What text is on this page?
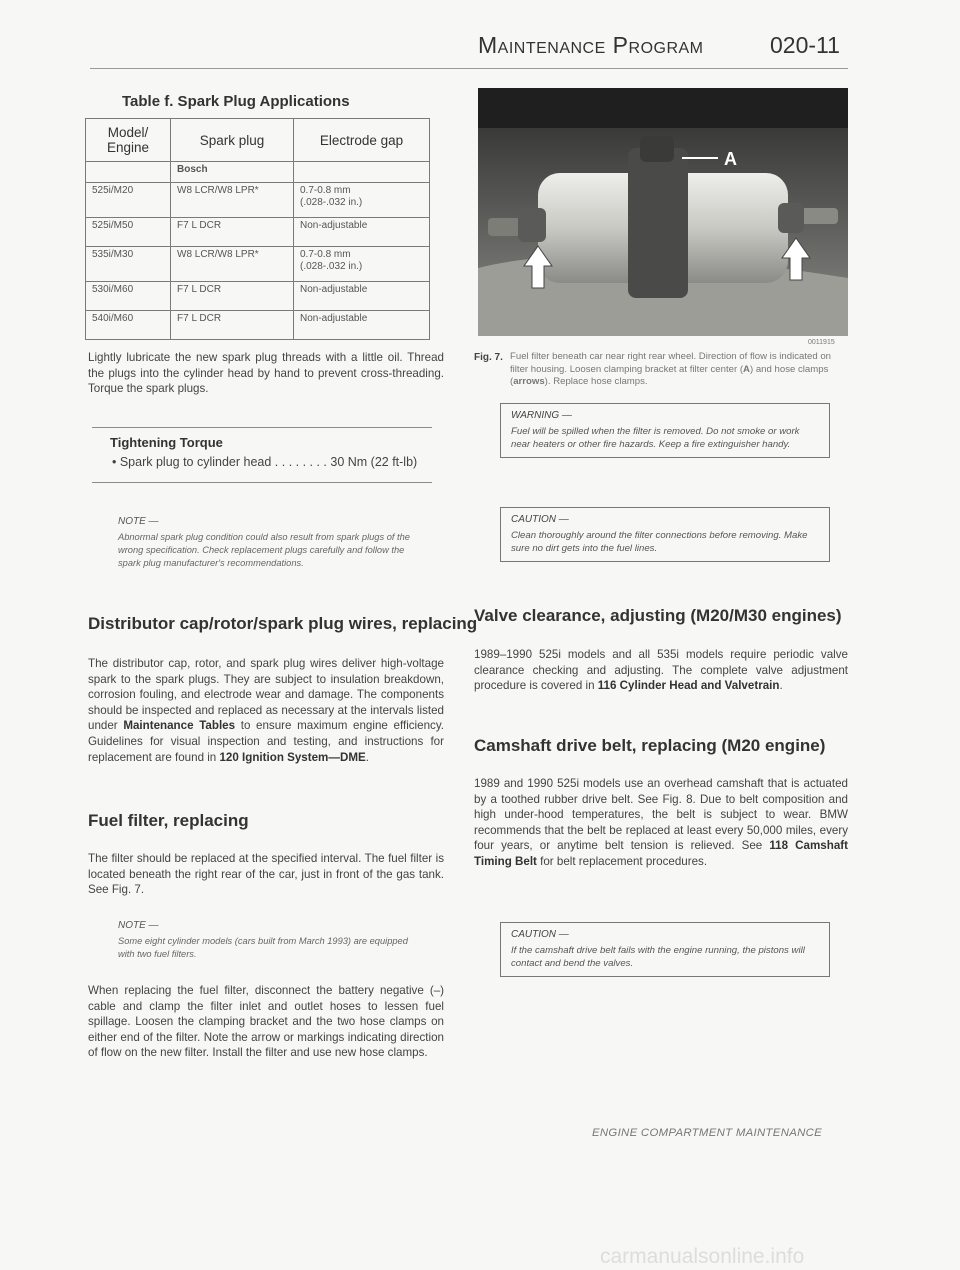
Maintenance Program	020-11
Table f. Spark Plug Applications
Model/ Engine	Spark plug	Electrode gap
	Bosch	
525i/M20	W8 LCR/W8 LPR*	0.7-0.8 mm
(.028-.032 in.)

525i/M50	F7 L DCR	Non-adjustable

535i/M30	W8 LCR/W8 LPR*	0.7-0.8 mm
(.028-.032 in.)

530i/M60	F7 L DCR	Non-adjustable

540i/M60	F7 L DCR	Non-adjustable
Lightly lubricate the new spark plug threads with a little oil. Thread the plugs into the cylinder head by hand to prevent cross-threading. Torque the spark plugs.
Tightening Torque
• Spark plug to cylinder head . . . . . . . . 30 Nm (22 ft-lb)
NOTE —
Abnormal spark plug condition could also result from spark plugs of the wrong specification. Check replacement plugs carefully and follow the spark plug manufacturer's recommendations.
Distributor cap/rotor/spark plug wires, replacing
The distributor cap, rotor, and spark plug wires deliver high-voltage spark to the spark plugs. They are subject to insulation breakdown, corrosion fouling, and electrode wear and damage. The components should be inspected and replaced as necessary at the intervals listed under Maintenance Tables to ensure maximum engine efficiency. Guidelines for visual inspection and testing, and instructions for replacement are found in 120 Ignition System—DME.
Fuel filter, replacing
The filter should be replaced at the specified interval. The fuel filter is located beneath the right rear of the car, just in front of the gas tank. See Fig. 7.
NOTE —
Some eight cylinder models (cars built from March 1993) are equipped with two fuel filters.
When replacing the fuel filter, disconnect the battery negative (–) cable and clamp the filter inlet and outlet hoses to lessen fuel spillage. Loosen the clamping bracket and the two hose clamps on either end of the filter. Note the arrow or markings indicating direction of flow on the new filter. Install the filter and use new hose clamps.
A
0011915
Fig. 7. Fuel filter beneath car near right rear wheel. Direction of flow is indicated on filter housing. Loosen clamping bracket at filter center (A) and hose clamps (arrows). Replace hose clamps.
WARNING —
Fuel will be spilled when the filter is removed. Do not smoke or work near heaters or other fire hazards. Keep a fire extinguisher handy.
CAUTION —
Clean thoroughly around the filter connections before removing. Make sure no dirt gets into the fuel lines.
Valve clearance, adjusting (M20/M30 engines)
1989–1990 525i models and all 535i models require periodic valve clearance checking and adjusting. The complete valve adjustment procedure is covered in 116 Cylinder Head and Valvetrain.
Camshaft drive belt, replacing (M20 engine)
1989 and 1990 525i models use an overhead camshaft that is actuated by a toothed rubber drive belt. See Fig. 8. Due to belt composition and high under-hood temperatures, the belt is subject to wear. BMW recommends that the belt be replaced at least every 50,000 miles, every four years, or anytime belt tension is relieved. See 118 Camshaft Timing Belt for belt replacement procedures.
CAUTION —
If the camshaft drive belt fails with the engine running, the pistons will contact and bend the valves.
ENGINE COMPARTMENT MAINTENANCE
carmanualsonline.info
